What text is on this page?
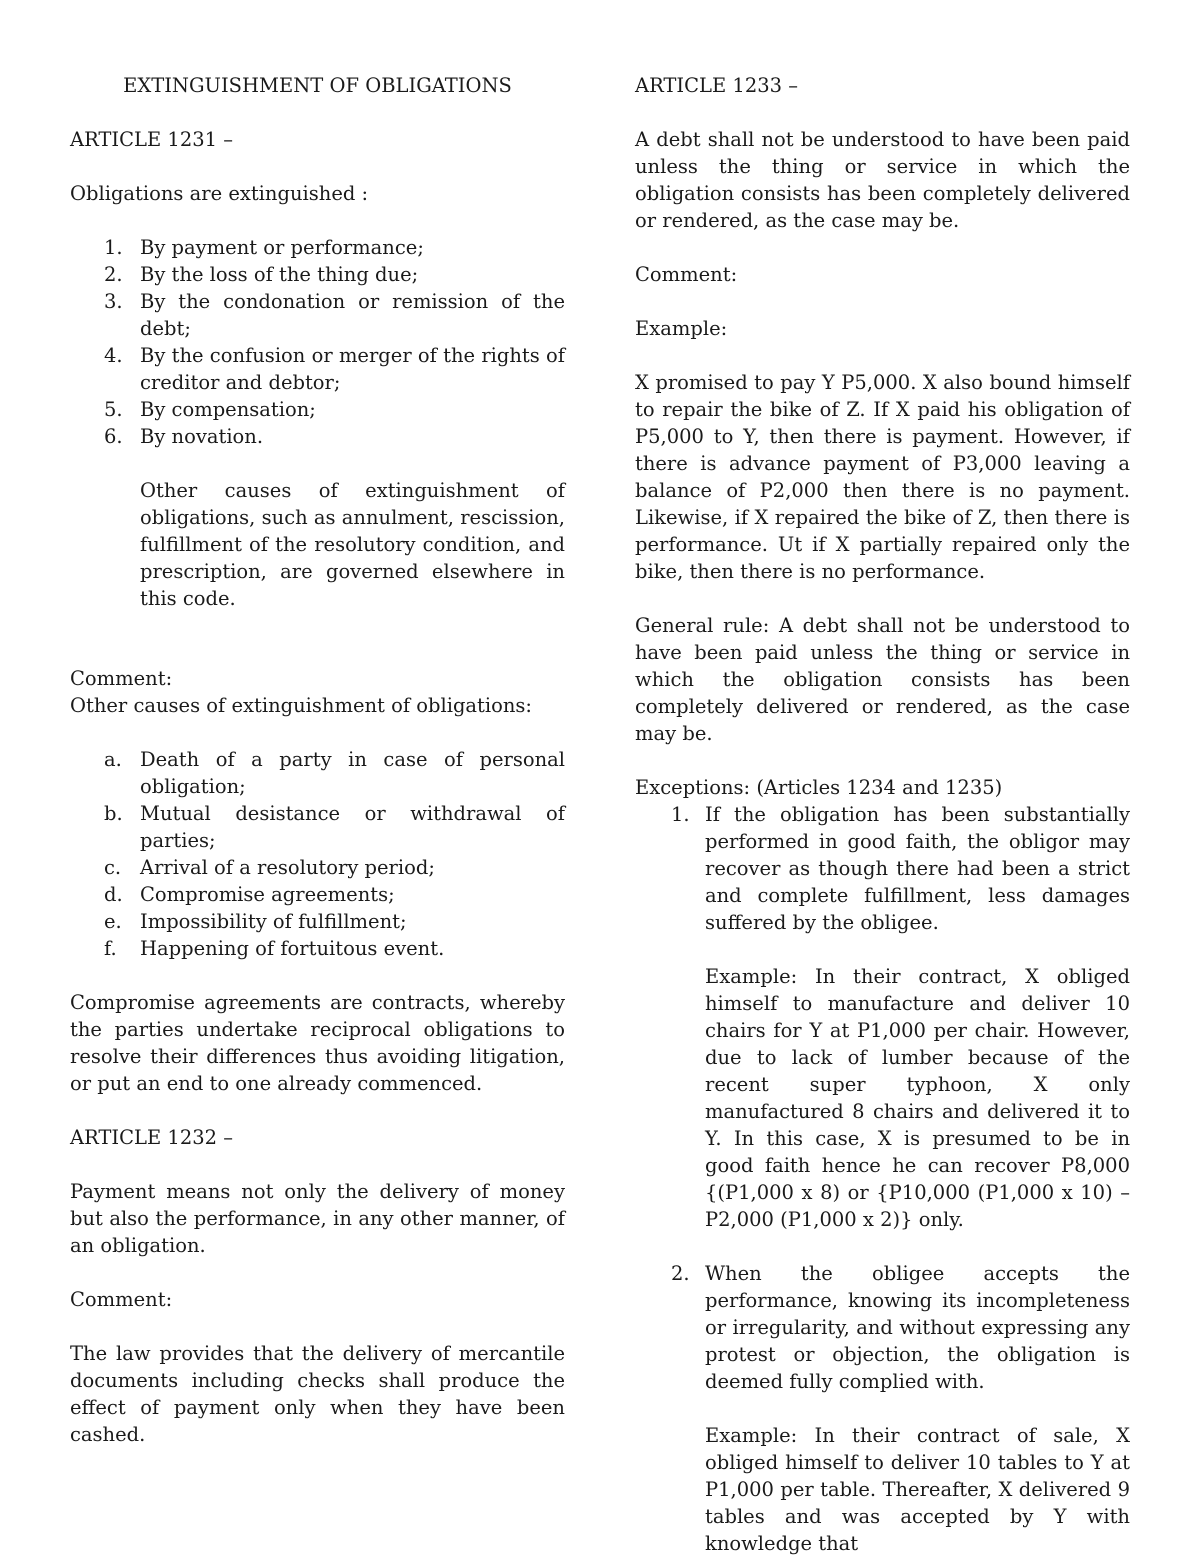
EXTINGUISHMENT OF OBLIGATIONS

ARTICLE 1231 –

Obligations are extinguished :

1. By payment or performance;
2. By the loss of the thing due;
3. By the condonation or remission of the debt;
4. By the confusion or merger of the rights of creditor and debtor;
5. By compensation;
6. By novation.

Other causes of extinguishment of obligations, such as annulment, rescission, fulfillment of the resolutory condition, and prescription, are governed elsewhere in this code.

Comment:

Other causes of extinguishment of obligations:

a. Death of a party in case of personal obligation;
b. Mutual desistance or withdrawal of parties;
c. Arrival of a resolutory period;
d. Compromise agreements;
e. Impossibility of fulfillment;
f.	Happening of fortuitous event.

Compromise agreements are contracts, whereby the parties undertake reciprocal obligations to resolve their differences thus avoiding litigation, or put an end to one already commenced.

ARTICLE 1232 –

Payment means not only the delivery of money but also the performance, in any other manner, of an obligation.

Comment:

The law provides that the delivery of mercantile documents including checks shall produce the effect of payment only when they have been cashed.

ARTICLE 1233 –

A debt shall not be understood to have been paid unless the thing or service in which the obligation consists has been completely delivered or rendered, as the case may be.

Comment:

Example:

X promised to pay Y P5,000. X also bound himself to repair the bike of Z. If X paid his obligation of P5,000 to Y, then there is payment. However, if there is advance payment of P3,000 leaving a balance of P2,000 then there is no payment. Likewise, if X repaired the bike of Z, then there is performance. Ut if X partially repaired only the bike, then there is no performance.

General rule: A debt shall not be understood to have been paid unless the thing or service in which the obligation consists has been completely delivered or rendered, as the case may be.

Exceptions: (Articles 1234 and 1235)

1. If the obligation has been substantially performed in good faith, the obligor may recover as though there had been a strict and complete fulfillment, less damages suffered by the obligee.

Example: In their contract, X obliged himself to manufacture and deliver 10 chairs for Y at P1,000 per chair. However, due to lack of lumber because of the recent super typhoon, X only manufactured 8 chairs and delivered it to Y. In this case, X is presumed to be in good faith hence he can recover P8,000 {(P1,000 x 8) or {P10,000 (P1,000 x 10) – P2,000 (P1,000 x 2)} only.

2. When the obligee accepts the performance, knowing its incompleteness or irregularity, and without expressing any protest or objection, the obligation is deemed fully complied with.

Example: In their contract of sale, X obliged himself to deliver 10 tables to Y at P1,000 per table. Thereafter, X delivered 9 tables and was accepted by Y with knowledge that
